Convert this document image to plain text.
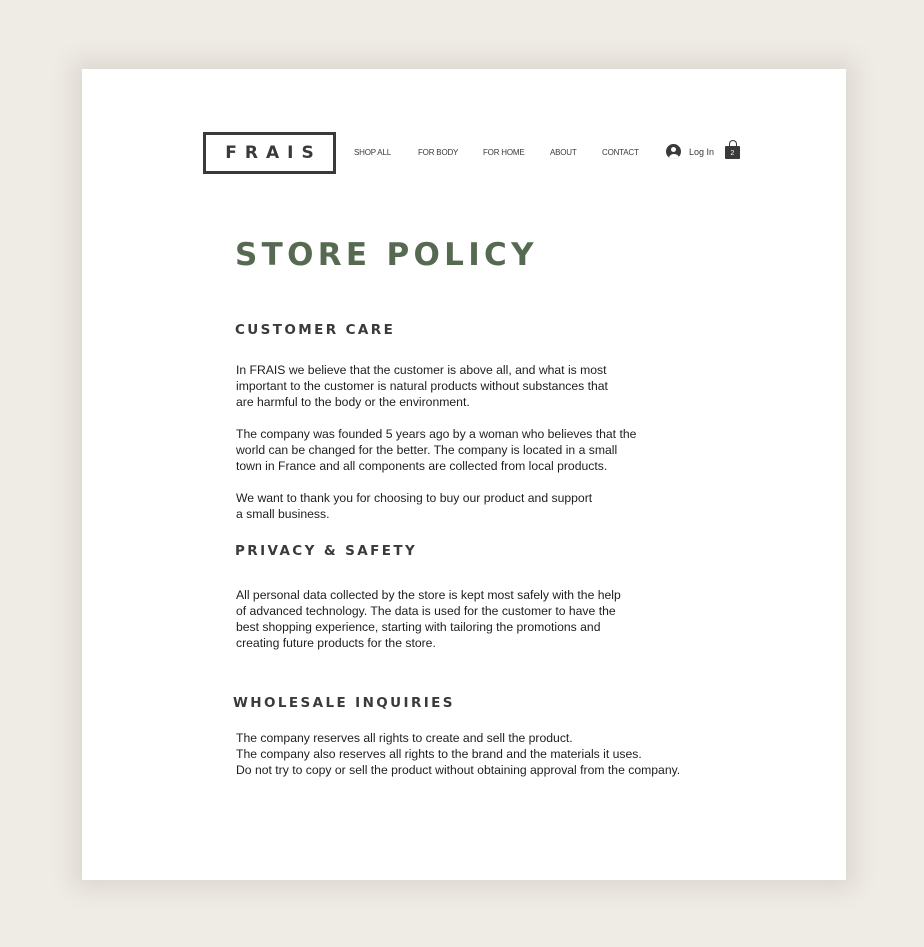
FRAIS	SHOP ALL	FOR BODY	FOR HOME	ABOUT	CONTACT	Log In 2
STORE POLICY
CUSTOMER CARE

In FRAIS we believe that the customer is above all, and what is most
important to the customer is natural products without substances that
are harmful to the body or the environment.

The company was founded 5 years ago by a woman who believes that the
world can be changed for the better. The company is located in a small
town in France and all components are collected from local products.

We want to thank you for choosing to buy our product and support
a small business.

PRIVACY & SAFETY

All personal data collected by the store is kept most safely with the help
of advanced technology. The data is used for the customer to have the
best shopping experience, starting with tailoring the promotions and
creating future products for the store.

WHOLESALE INQUIRIES

The company reserves all rights to create and sell the product.
The company also reserves all rights to the brand and the materials it uses.
Do not try to copy or sell the product without obtaining approval from the company.
